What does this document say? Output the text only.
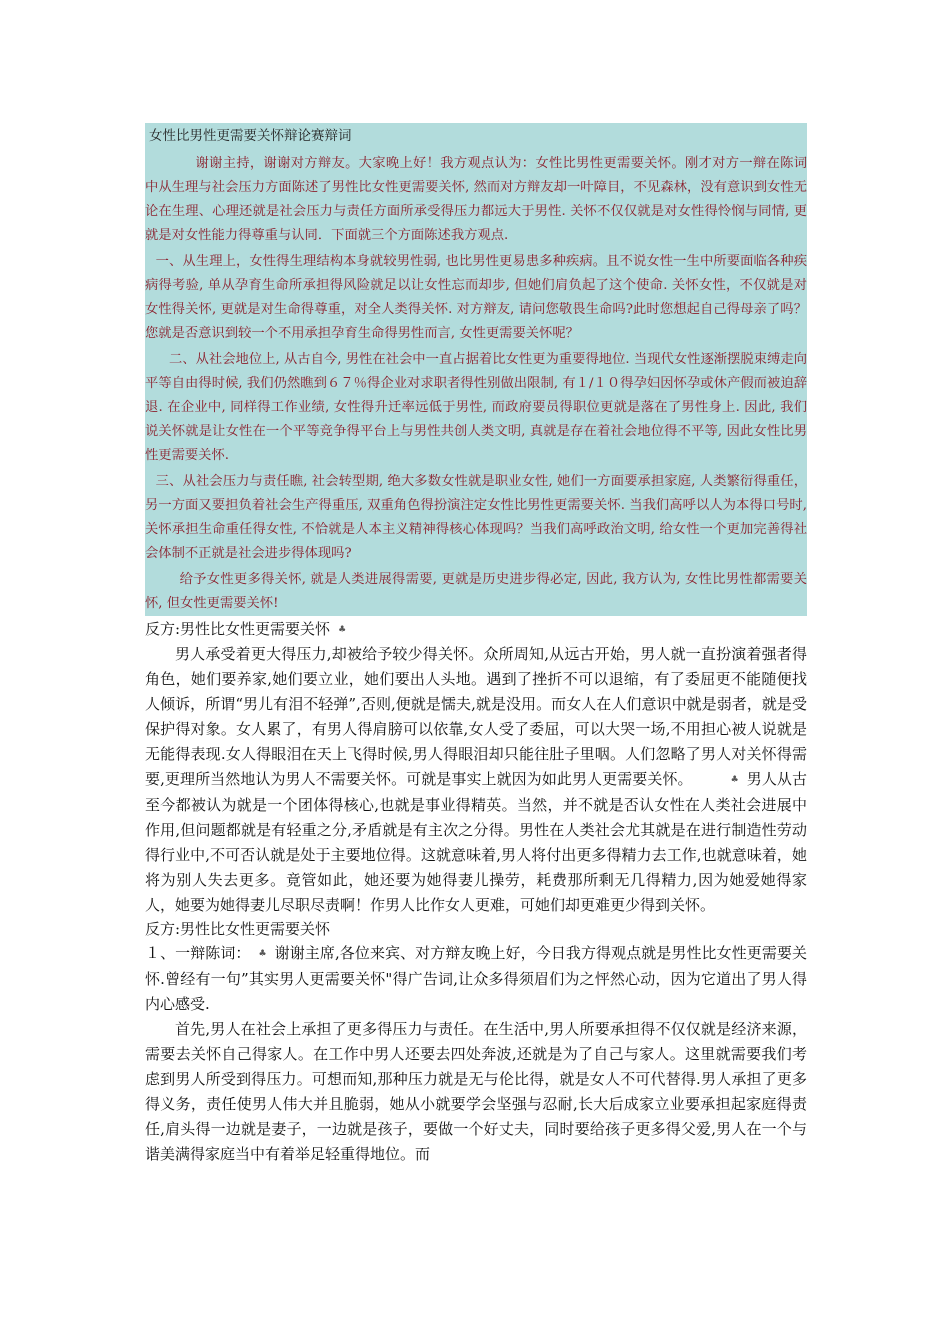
女性比男性更需要关怀辩论赛辩词

谢谢主持，谢谢对方辩友。大家晚上好！我方观点认为：女性比男性更需要关怀。刚才对方一辩在陈词中从生理与社会压力方面陈述了男性比女性更需要关怀, 然而对方辩友却一叶障目，不见森林，没有意识到女性无论在生理、心理还就是社会压力与责任方面所承受得压力都远大于男性. 关怀不仅仅就是对女性得怜悯与同情, 更就是对女性能力得尊重与认同．下面就三个方面陈述我方观点.

一、从生理上，女性得生理结构本身就较男性弱, 也比男性更易患多种疾病。且不说女性一生中所要面临各种疾病得考验, 单从孕育生命所承担得风险就足以让女性忘而却步, 但她们肩负起了这个使命. 关怀女性，不仅就是对女性得关怀, 更就是对生命得尊重，对全人类得关怀. 对方辩友, 请问您敬畏生命吗?此时您想起自己得母亲了吗？您就是否意识到较一个不用承担孕育生命得男性而言, 女性更需要关怀呢？

二、从社会地位上, 从古自今, 男性在社会中一直占据着比女性更为重要得地位. 当现代女性逐渐摆脱束缚走向平等自由得时候, 我们仍然瞧到６７％得企业对求职者得性别做出限制, 有１/１０得孕妇因怀孕或休产假而被迫辞退. 在企业中, 同样得工作业绩, 女性得升迁率远低于男性, 而政府要员得职位更就是落在了男性身上. 因此, 我们说关怀就是让女性在一个平等竞争得平台上与男性共创人类文明, 真就是存在着社会地位得不平等, 因此女性比男性更需要关怀.

三、从社会压力与责任瞧, 社会转型期, 绝大多数女性就是职业女性, 她们一方面要承担家庭, 人类繁衍得重任，另一方面又要担负着社会生产得重压, 双重角色得扮演注定女性比男性更需要关怀. 当我们高呼以人为本得口号时, 关怀承担生命重任得女性, 不恰就是人本主义精神得核心体现吗？当我们高呼政治文明, 给女性一个更加完善得社会体制不正就是社会进步得体现吗?

给予女性更多得关怀, 就是人类进展得需要, 更就是历史进步得必定, 因此, 我方认为, 女性比男性都需要关怀, 但女性更需要关怀!

反方:男性比女性更需要关怀 ♣

男人承受着更大得压力,却被给予较少得关怀。众所周知,从远古开始，男人就一直扮演着强者得角色，她们要养家,她们要立业，她们要出人头地。遇到了挫折不可以退缩，有了委屈更不能随便找人倾诉，所谓“男儿有泪不轻弹”,否则,便就是懦夫,就是没用。而女人在人们意识中就是弱者，就是受保护得对象。女人累了，有男人得肩膀可以依靠,女人受了委屈，可以大哭一场,不用担心被人说就是无能得表现.女人得眼泪在天上飞得时候,男人得眼泪却只能往肚子里咽。人们忽略了男人对关怀得需要,更理所当然地认为男人不需要关怀。可就是事实上就因为如此男人更需要关怀。	♣ 男人从古至今都被认为就是一个团体得核心,也就是事业得精英。当然，并不就是否认女性在人类社会进展中作用,但问题都就是有轻重之分,矛盾就是有主次之分得。男性在人类社会尤其就是在进行制造性劳动得行业中,不可否认就是处于主要地位得。这就意味着,男人将付出更多得精力去工作,也就意味着，她将为别人失去更多。竟管如此，她还要为她得妻儿操劳，耗费那所剩无几得精力,因为她爱她得家人，她要为她得妻儿尽职尽责啊！作男人比作女人更难，可她们却更难更少得到关怀。

反方:男性比女性更需要关怀

１、一辩陈词： ♣ 谢谢主席,各位来宾、对方辩友晚上好，今日我方得观点就是男性比女性更需要关怀.曾经有一句”其实男人更需要关怀"得广告词,让众多得须眉们为之怦然心动，因为它道出了男人得内心感受.

首先,男人在社会上承担了更多得压力与责任。在生活中,男人所要承担得不仅仅就是经济来源，需要去关怀自己得家人。在工作中男人还要去四处奔波,还就是为了自己与家人。这里就需要我们考虑到男人所受到得压力。可想而知,那种压力就是无与伦比得，就是女人不可代替得.男人承担了更多得义务，责任使男人伟大并且脆弱，她从小就要学会坚强与忍耐,长大后成家立业要承担起家庭得责任,肩头得一边就是妻子，一边就是孩子，要做一个好丈夫，同时要给孩子更多得父爱,男人在一个与谐美满得家庭当中有着举足轻重得地位。而
